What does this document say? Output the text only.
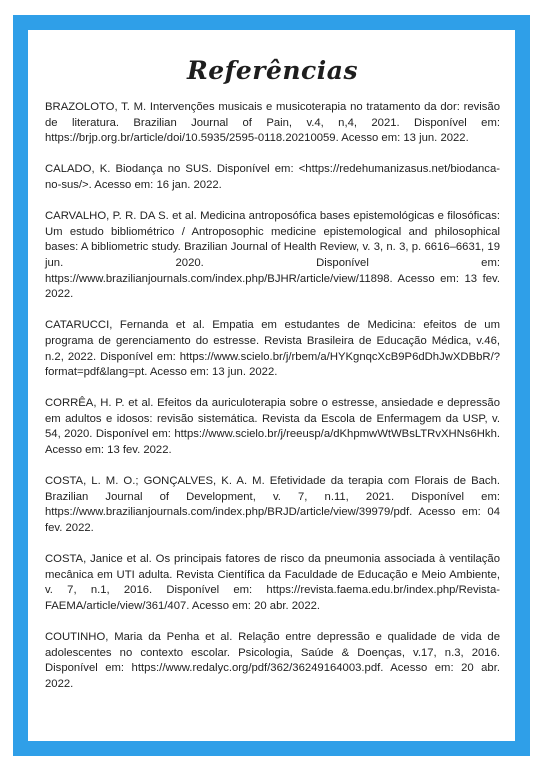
Referências
BRAZOLOTO, T. M. Intervenções musicais e musicoterapia no tratamento da dor: revisão de literatura. Brazilian Journal of Pain, v.4, n,4, 2021. Disponível em: https://brjp.org.br/article/doi/10.5935/2595-0118.20210059. Acesso em: 13 jun. 2022.
CALADO, K. Biodança no SUS. Disponível em: <https://redehumanizasus.net/biodanca-no-sus/>. Acesso em: 16 jan. 2022.
CARVALHO, P. R. DA S. et al. Medicina antroposófica bases epistemológicas e filosóficas: Um estudo bibliométrico / Antroposophic medicine epistemological and philosophical bases: A bibliometric study. Brazilian Journal of Health Review, v. 3, n. 3, p. 6616–6631, 19 jun. 2020. Disponível em: https://www.brazilianjournals.com/index.php/BJHR/article/view/11898. Acesso em: 13 fev. 2022.
CATARUCCI, Fernanda et al. Empatia em estudantes de Medicina: efeitos de um programa de gerenciamento do estresse. Revista Brasileira de Educação Médica, v.46, n.2, 2022. Disponível em: https://www.scielo.br/j/rbem/a/HYKgnqcXcB9P6dDhJwXDBbR/?format=pdf&lang=pt. Acesso em: 13 jun. 2022.
CORRÊA, H. P. et al. Efeitos da auriculoterapia sobre o estresse, ansiedade e depressão em adultos e idosos: revisão sistemática. Revista da Escola de Enfermagem da USP, v. 54, 2020. Disponível em: https://www.scielo.br/j/reeusp/a/dKhpmwWtWBsLTRvXHNs6Hkh. Acesso em: 13 fev. 2022.
COSTA, L. M. O.; GONÇALVES, K. A. M. Efetividade da terapia com Florais de Bach. Brazilian Journal of Development, v. 7, n.11, 2021. Disponível em: https://www.brazilianjournals.com/index.php/BRJD/article/view/39979/pdf. Acesso em: 04 fev. 2022.
COSTA, Janice et al. Os principais fatores de risco da pneumonia associada à ventilação mecânica em UTI adulta. Revista Científica da Faculdade de Educação e Meio Ambiente, v. 7, n.1, 2016. Disponível em: https://revista.faema.edu.br/index.php/Revista-FAEMA/article/view/361/407. Acesso em: 20 abr. 2022.
COUTINHO, Maria da Penha et al. Relação entre depressão e qualidade de vida de adolescentes no contexto escolar. Psicologia, Saúde & Doenças, v.17, n.3, 2016. Disponível em: https://www.redalyc.org/pdf/362/36249164003.pdf. Acesso em: 20 abr. 2022.
